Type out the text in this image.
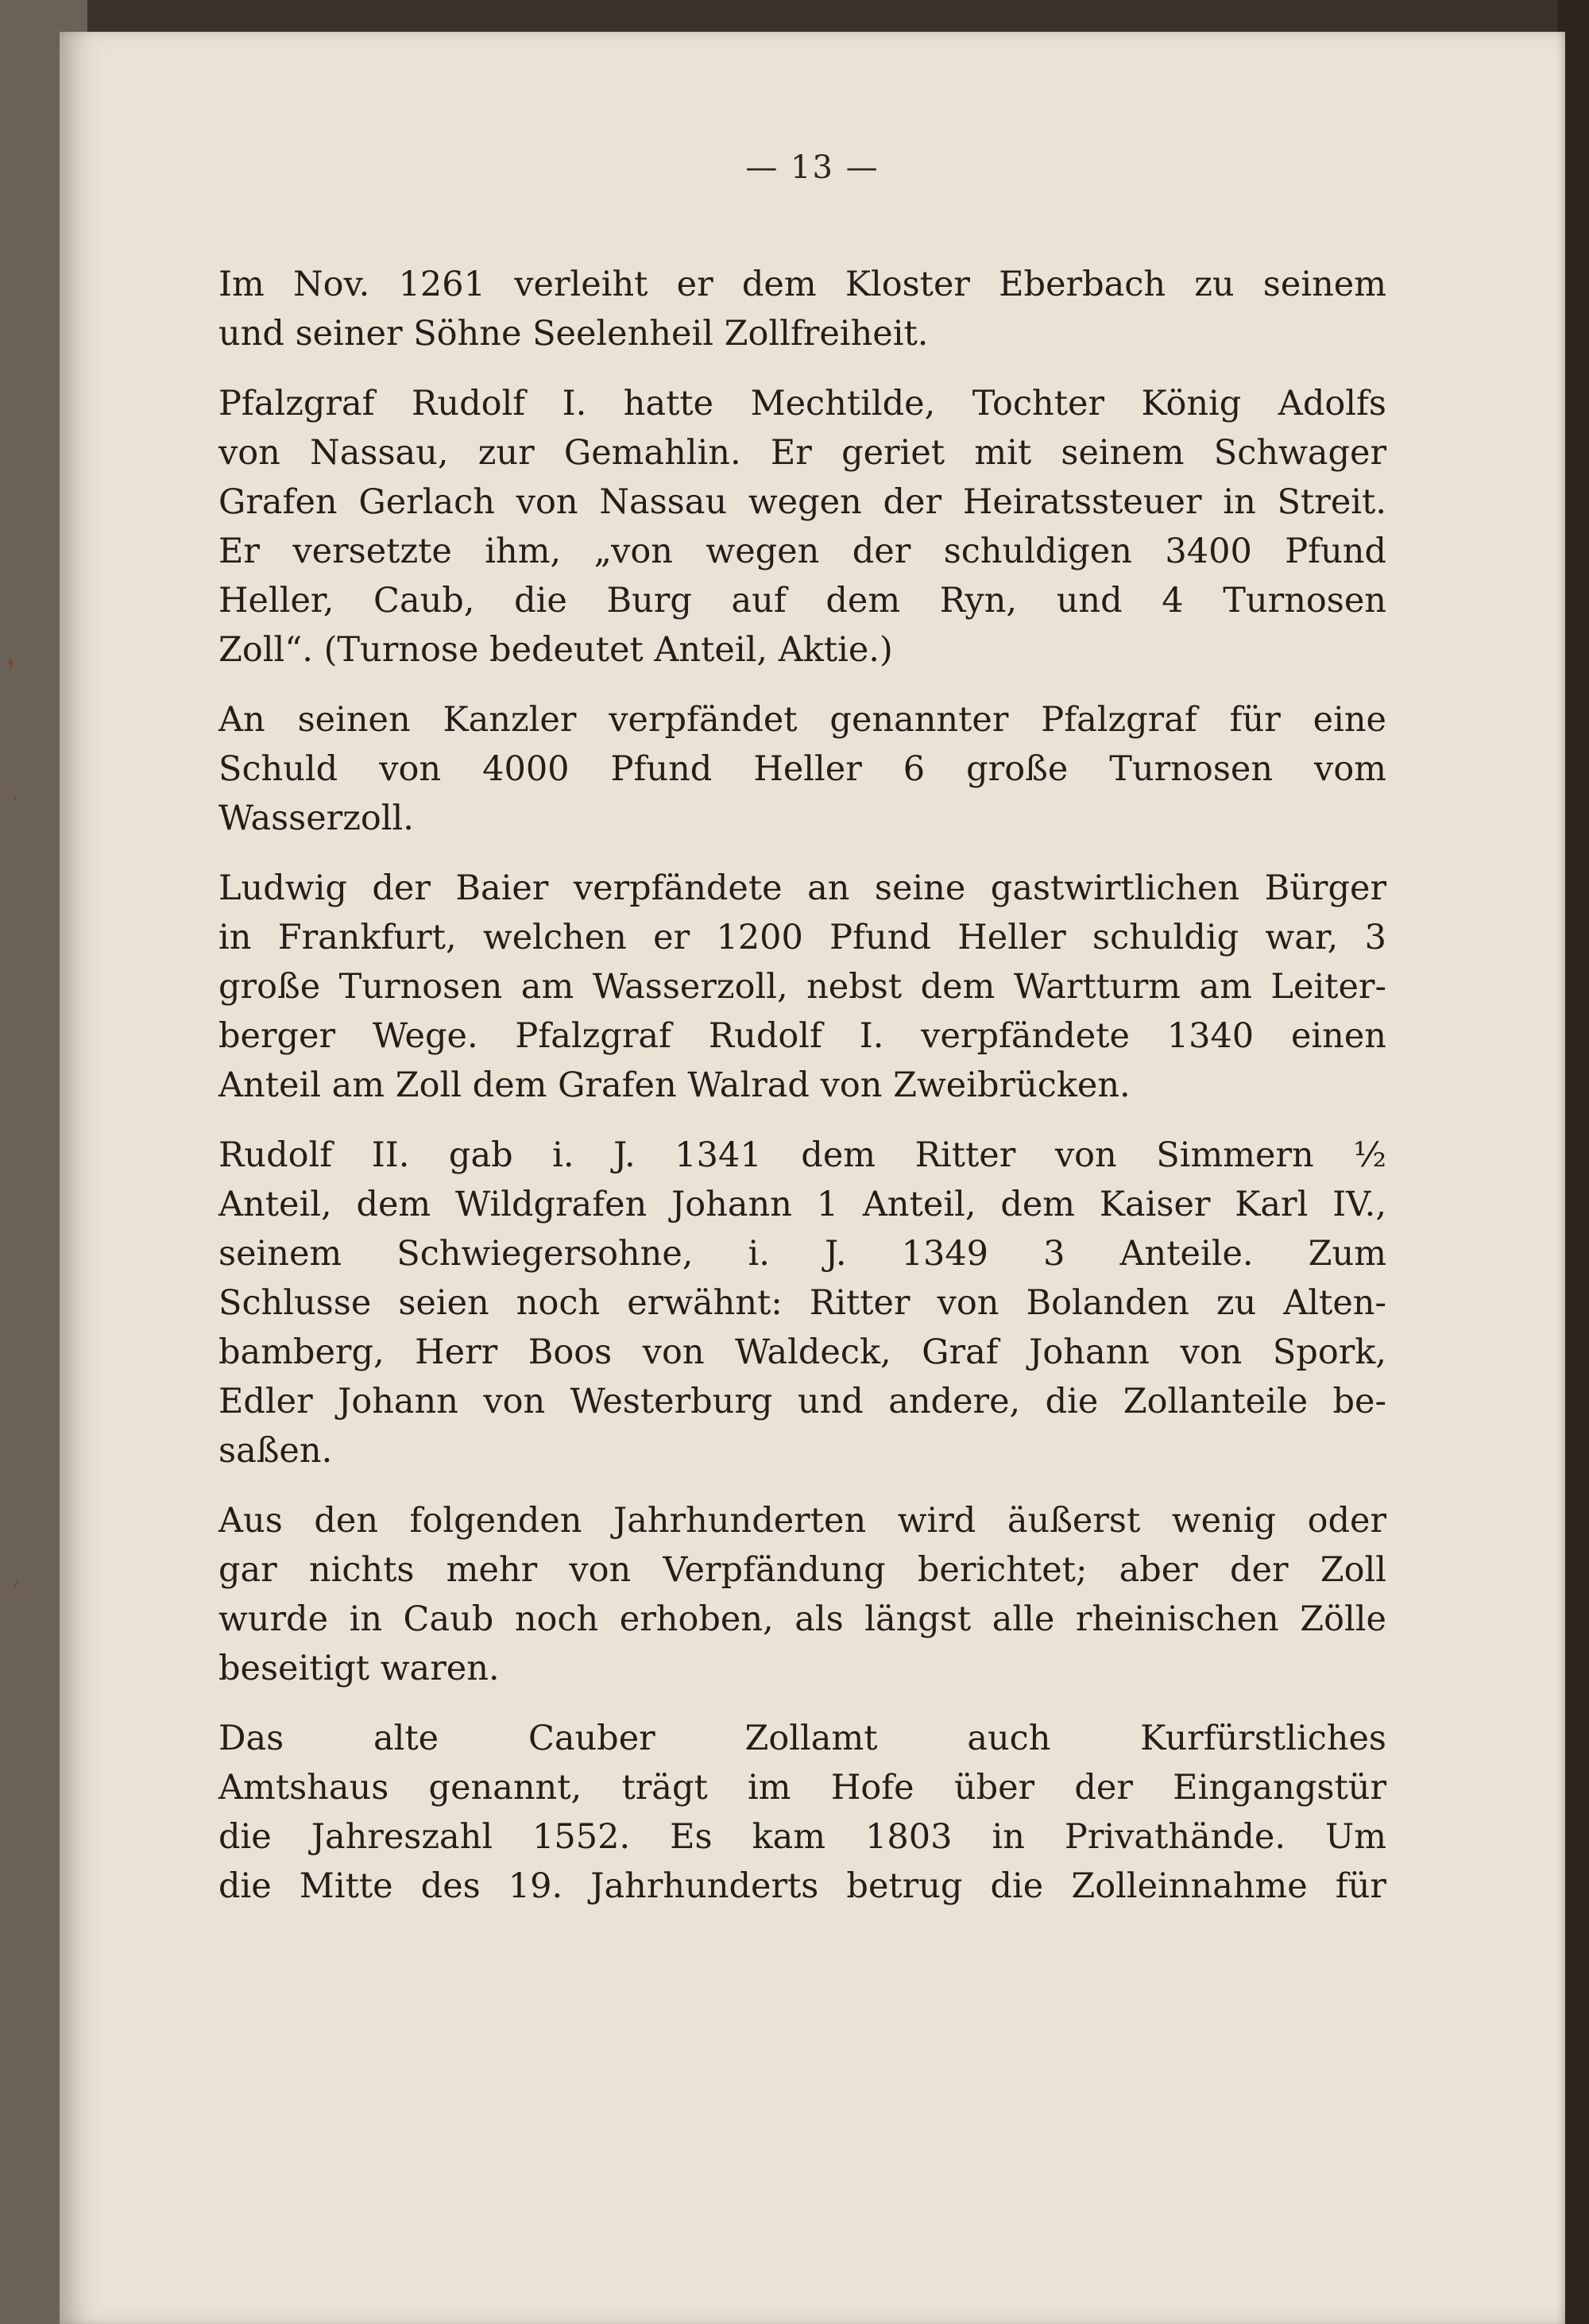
— 13 —
❜
ʼ
ʻ
Im Nov. 1261 verleiht er dem Kloster Eberbach zu seinem
und seiner Söhne Seelenheil Zollfreiheit.
Pfalzgraf Rudolf I. hatte Mechtilde, Tochter König Adolfs
von Nassau, zur Gemahlin. Er geriet mit seinem Schwager
Grafen Gerlach von Nassau wegen der Heiratssteuer in Streit.
Er versetzte ihm, „von wegen der schuldigen 3400 Pfund
Heller, Caub, die Burg auf dem Ryn, und 4 Turnosen
Zoll“. (Turnose bedeutet Anteil, Aktie.)
An seinen Kanzler verpfändet genannter Pfalzgraf für eine
Schuld von 4000 Pfund Heller 6 große Turnosen vom
Wasserzoll.
Ludwig der Baier verpfändete an seine gastwirtlichen Bürger
in Frankfurt, welchen er 1200 Pfund Heller schuldig war, 3
große Turnosen am Wasserzoll, nebst dem Wartturm am Leiter-
berger Wege. Pfalzgraf Rudolf I. verpfändete 1340 einen
Anteil am Zoll dem Grafen Walrad von Zweibrücken.
Rudolf II. gab i. J. 1341 dem Ritter von Simmern ½
Anteil, dem Wildgrafen Johann 1 Anteil, dem Kaiser Karl IV.,
seinem Schwiegersohne, i. J. 1349 3 Anteile. Zum
Schlusse seien noch erwähnt: Ritter von Bolanden zu Alten-
bamberg, Herr Boos von Waldeck, Graf Johann von Spork,
Edler Johann von Westerburg und andere, die Zollanteile be-
saßen.
Aus den folgenden Jahrhunderten wird äußerst wenig oder
gar nichts mehr von Verpfändung berichtet; aber der Zoll
wurde in Caub noch erhoben, als längst alle rheinischen Zölle
beseitigt waren.
Das alte Cauber Zollamt auch Kurfürstliches
Amtshaus genannt, trägt im Hofe über der Eingangstür
die Jahreszahl 1552. Es kam 1803 in Privathände. Um
die Mitte des 19. Jahrhunderts betrug die Zolleinnahme für
